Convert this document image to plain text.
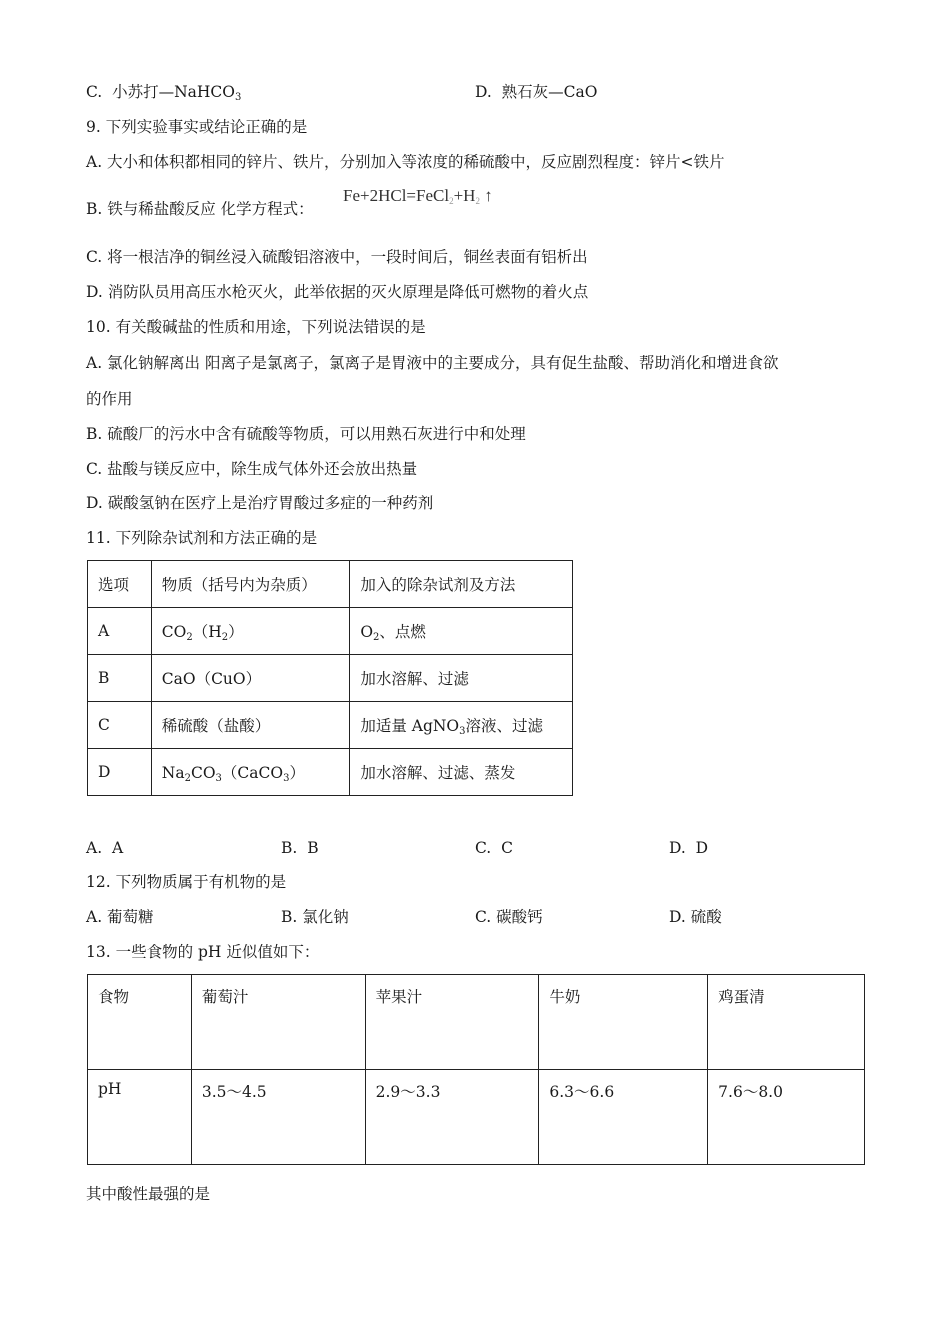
C. 小苏打—NaHCO$_3$	D. 熟石灰—CaO
9. 下列实验事实或结论正确的是
A. 大小和体积都相同的锌片、铁片，分别加入等浓度的稀硫酸中，反应剧烈程度：锌片<铁片
B. 铁与稀盐酸反应 化学方程式：
$Fe+2HCl=FeCl_2+H_2$ ↑
C. 将一根洁净的铜丝浸入硫酸铝溶液中，一段时间后，铜丝表面有铝析出
D. 消防队员用高压水枪灭火，此举依据的灭火原理是降低可燃物的着火点
10. 有关酸碱盐的性质和用途，下列说法错误的是
A. 氯化钠解离出 阳离子是氯离子，氯离子是胃液中的主要成分，具有促生盐酸、帮助消化和增进食欲
的作用
B. 硫酸厂的污水中含有硫酸等物质，可以用熟石灰进行中和处理
C. 盐酸与镁反应中，除生成气体外还会放出热量
D. 碳酸氢钠在医疗上是治疗胃酸过多症的一种药剂
11. 下列除杂试剂和方法正确的是
选项	物质（括号内为杂质）	加入的除杂试剂及方法
A	$CO_2(H_2)$	$O_2$、点燃
B	CaO（CuO）	加水溶解、过滤
C	稀硫酸（盐酸）	加适量 AgNO$_3$溶液、过滤
D	$Na_2CO_3(CaCO_3)$	加水溶解、过滤、蒸发
A. A	B. B	C. C	D. D
12. 下列物质属于有机物的是
A. 葡萄糖	B. 氯化钠	C. 碳酸钙	D. 硫酸
13. 一些食物的 pH 近似值如下：
食物	葡萄汁	苹果汁	牛奶	鸡蛋清
pH	3.5～4.5	2.9～3.3	6.3～6.6	7.6～8.0
其中酸性最强的是
